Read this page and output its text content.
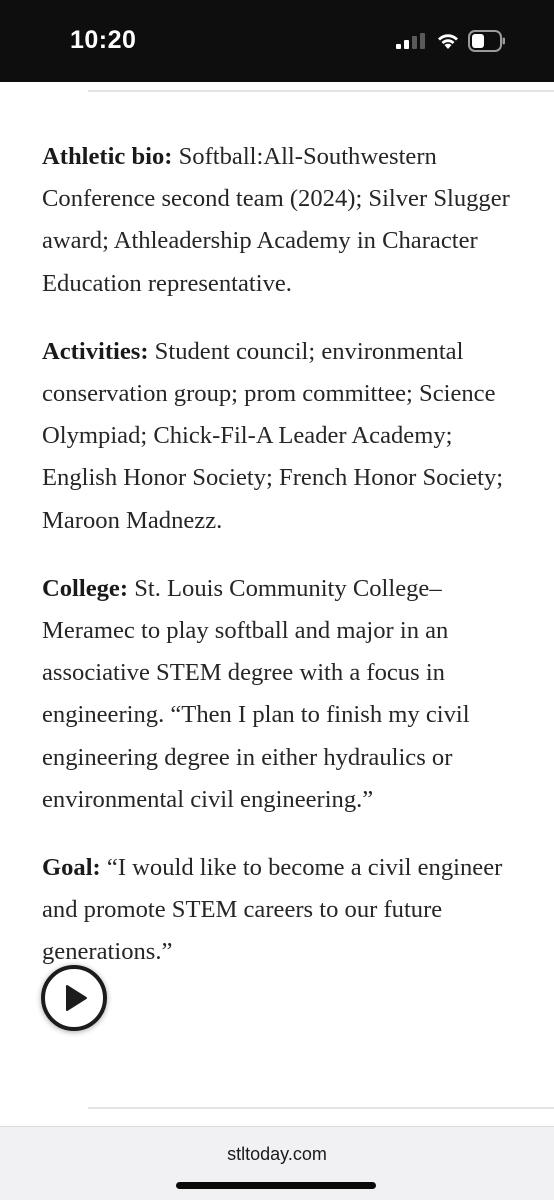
10:20

Athletic bio: Softball:All-Southwestern Conference second team (2024); Silver Slugger award; Athleadership Academy in Character Education representative.

Activities: Student council; environmental conservation group; prom committee; Science Olympiad; Chick-Fil-A Leader Academy; English Honor Society; French Honor Society; Maroon Madnezz.

College: St. Louis Community College–Meramec to play softball and major in an associative STEM degree with a focus in engineering. “Then I plan to finish my civil engineering degree in either hydraulics or environmental civil engineering.”

Goal: “I would like to become a civil engineer and promote STEM careers to our future generations.”

stltoday.com
